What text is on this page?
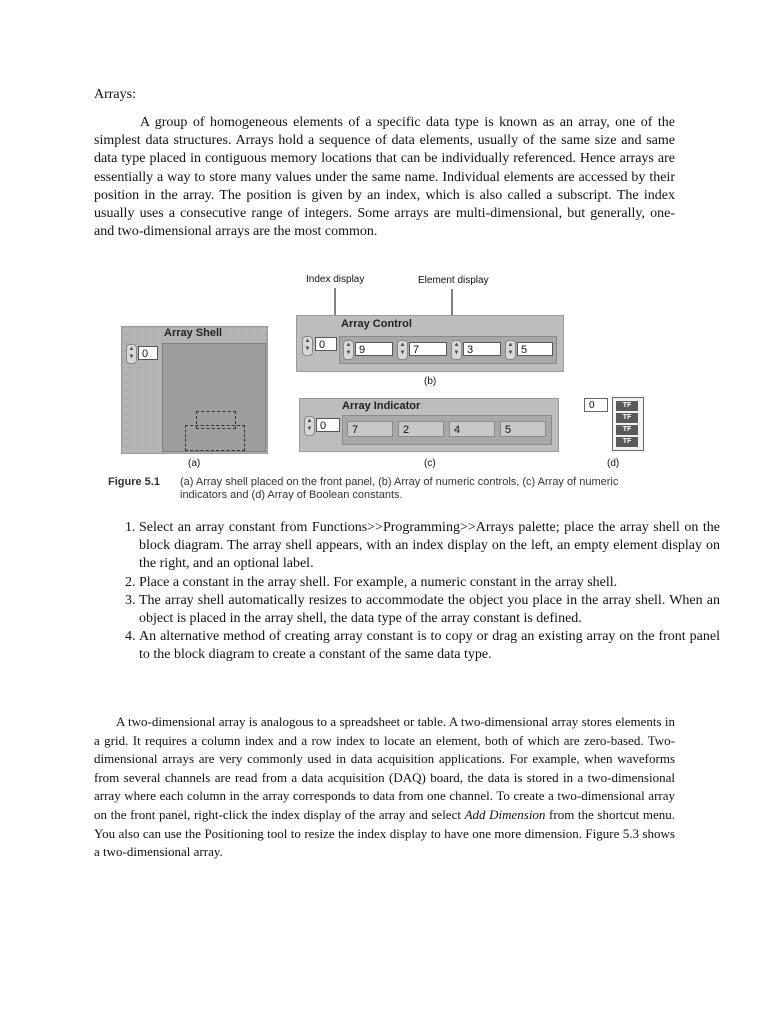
Arrays:

A group of homogeneous elements of a specific data type is known as an array, one of the simplest data structures. Arrays hold a sequence of data elements, usually of the same size and same data type placed in contiguous memory locations that can be individually referenced. Hence arrays are essentially a way to store many values under the same name. Individual elements are accessed by their position in the array. The position is given by an index, which is also called a subscript. The index usually uses a consecutive range of integers. Some arrays are multi-dimensional, but generally, one- and two-dimensional arrays are the most common.

Index display	Element display
Array Shell
▲
▼ 0
(a)
Array Control
▲
▼ 0	▲
▼ 9	▲
▼ 7	▲
▼ 3	▲
▼ 5
(b)
Array Indicator
▲
▼ 0	7	2	4	5
(c)
0	TF
TF
TF
TF
(d)
Figure 5.1 (a) Array shell placed on the front panel, (b) Array of numeric controls, (c) Array of numeric indicators and (d) Array of Boolean constants.
1. Select an array constant from Functions>>Programming>>Arrays palette; place the array shell on the block diagram. The array shell appears, with an index display on the left, an empty element display on the right, and an optional label.
2. Place a constant in the array shell. For example, a numeric constant in the array shell.
3. The array shell automatically resizes to accommodate the object you place in the array shell. When an object is placed in the array shell, the data type of the array constant is defined.
4. An alternative method of creating array constant is to copy or drag an existing array on the front panel to the block diagram to create a constant of the same data type.

A two-dimensional array is analogous to a spreadsheet or table. A two-dimensional array stores elements in a grid. It requires a column index and a row index to locate an element, both of which are zero-based. Two-dimensional arrays are very commonly used in data acquisition applications. For example, when waveforms from several channels are read from a data acquisition (DAQ) board, the data is stored in a two-dimensional array where each column in the array corresponds to data from one channel. To create a two-dimensional array on the front panel, right-click the index display of the array and select Add Dimension from the shortcut menu. You also can use the Positioning tool to resize the index display to have one more dimension. Figure 5.3 shows a two-dimensional array.
